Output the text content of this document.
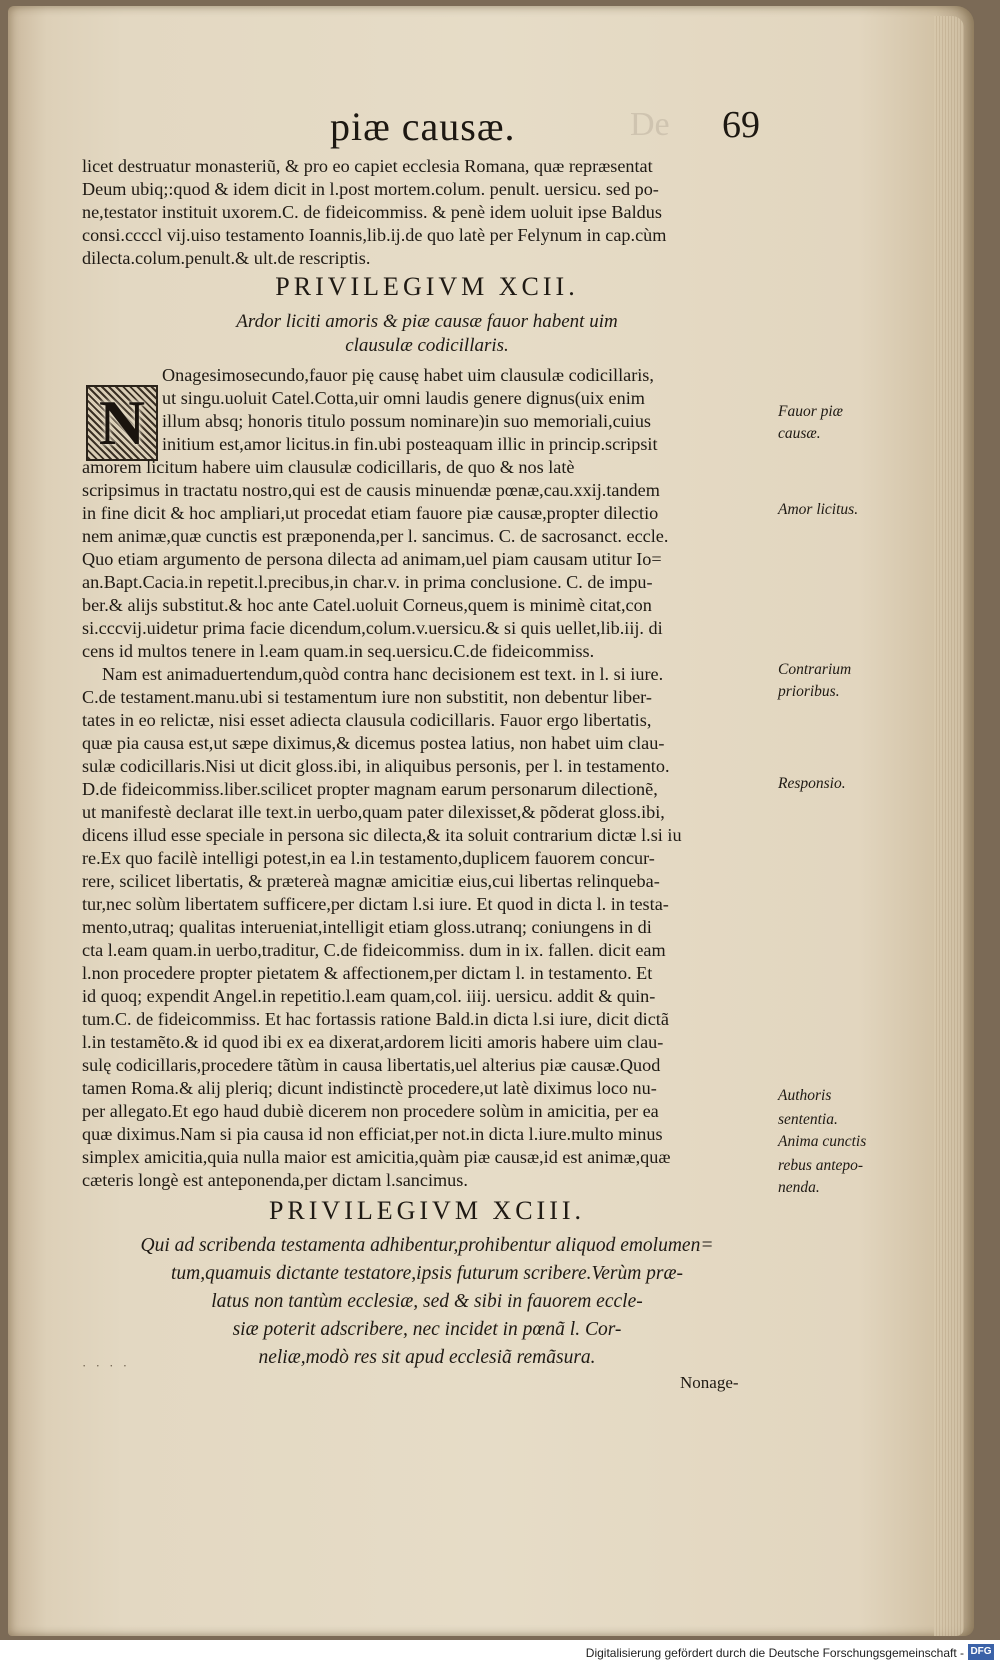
piæ causæ.	69
De
licet destruatur monasteriũ, & pro eo capiet ecclesia Romana, quæ repræsentat
Deum ubiq;:quod & idem dicit in l.post mortem.colum. penult. uersicu. sed po-
ne,testator instituit uxorem.C. de fideicommiss. & penè idem uoluit ipse Baldus
consi.ccccl vij.uiso testamento Ioannis,lib.ij.de quo latè per Felynum in cap.cùm
dilecta.colum.penult.& ult.de rescriptis.
PRIVILEGIVM XCII.
Ardor liciti amoris & piæ causæ fauor habent uim
clausulæ codicillaris.
N
Onagesimosecundo,fauor pię causę habet uim clausulæ codicillaris,
ut singu.uoluit Catel.Cotta,uir omni laudis genere dignus(uix enim
illum absq; honoris titulo possum nominare)in suo memoriali,cuius
initium est,amor licitus.in fin.ubi posteaquam illic in princip.scripsit
amorem licitum habere uim clausulæ codicillaris, de quo & nos latè
scripsimus in tractatu nostro,qui est de causis minuendæ pœnæ,cau.xxij.tandem
in fine dicit & hoc ampliari,ut procedat etiam fauore piæ causæ,propter dilectio
nem animæ,quæ cunctis est præponenda,per l. sancimus. C. de sacrosanct. eccle.
Quo etiam argumento de persona dilecta ad animam,uel piam causam utitur Io=
an.Bapt.Cacia.in repetit.l.precibus,in char.v. in prima conclusione. C. de impu-
ber.& alijs substitut.& hoc ante Catel.uoluit Corneus,quem is minimè citat,con
si.cccvij.uidetur prima facie dicendum,colum.v.uersicu.& si quis uellet,lib.iij. di
cens id multos tenere in l.eam quam.in seq.uersicu.C.de fideicommiss.
Nam est animaduertendum,quòd contra hanc decisionem est text. in l. si iure.
C.de testament.manu.ubi si testamentum iure non substitit, non debentur liber-
tates in eo relictæ, nisi esset adiecta clausula codicillaris. Fauor ergo libertatis,
quæ pia causa est,ut sæpe diximus,& dicemus postea latius, non habet uim clau-
sulæ codicillaris.Nisi ut dicit gloss.ibi, in aliquibus personis, per l. in testamento.
D.de fideicommiss.liber.scilicet propter magnam earum personarum dilectionẽ,
ut manifestè declarat ille text.in uerbo,quam pater dilexisset,& põderat gloss.ibi,
dicens illud esse speciale in persona sic dilecta,& ita soluit contrarium dictæ l.si iu
re.Ex quo facilè intelligi potest,in ea l.in testamento,duplicem fauorem concur-
rere, scilicet libertatis, & prætereà magnæ amicitiæ eius,cui libertas relinqueba-
tur,nec solùm libertatem sufficere,per dictam l.si iure. Et quod in dicta l. in testa-
mento,utraq; qualitas interueniat,intelligit etiam gloss.utranq; coniungens in di
cta l.eam quam.in uerbo,traditur, C.de fideicommiss. dum in ix. fallen. dicit eam
l.non procedere propter pietatem & affectionem,per dictam l. in testamento. Et
id quoq; expendit Angel.in repetitio.l.eam quam,col. iiij. uersicu. addit & quin-
tum.C. de fideicommiss. Et hac fortassis ratione Bald.in dicta l.si iure, dicit dictã
l.in testamẽto.& id quod ibi ex ea dixerat,ardorem liciti amoris habere uim clau-
sulę codicillaris,procedere tãtùm in causa libertatis,uel alterius piæ causæ.Quod
tamen Roma.& alij pleriq; dicunt indistinctè procedere,ut latè diximus loco nu-
per allegato.Et ego haud dubiè dicerem non procedere solùm in amicitia, per ea
quæ diximus.Nam si pia causa id non efficiat,per not.in dicta l.iure.multo minus
simplex amicitia,quia nulla maior est amicitia,quàm piæ causæ,id est animæ,quæ
cæteris longè est anteponenda,per dictam l.sancimus.
PRIVILEGIVM XCIII.
Qui ad scribenda testamenta adhibentur,prohibentur aliquod emolumen=
tum,quamuis dictante testatore,ipsis futurum scribere.Verùm præ-
latus non tantùm ecclesiæ, sed & sibi in fauorem eccle-
siæ poterit adscribere, nec incidet in pœnã l. Cor-
neliæ,modò res sit apud ecclesiã remãsura.
· · · ·
Nonage-
Fauor piæ
causæ.
Amor licitus.
Contrarium
prioribus.
Responsio.
Authoris
sententia.
Anima cunctis
rebus antepo-
nenda.
Digitalisierung gefördert durch die Deutsche Forschungsgemeinschaft - DFG
